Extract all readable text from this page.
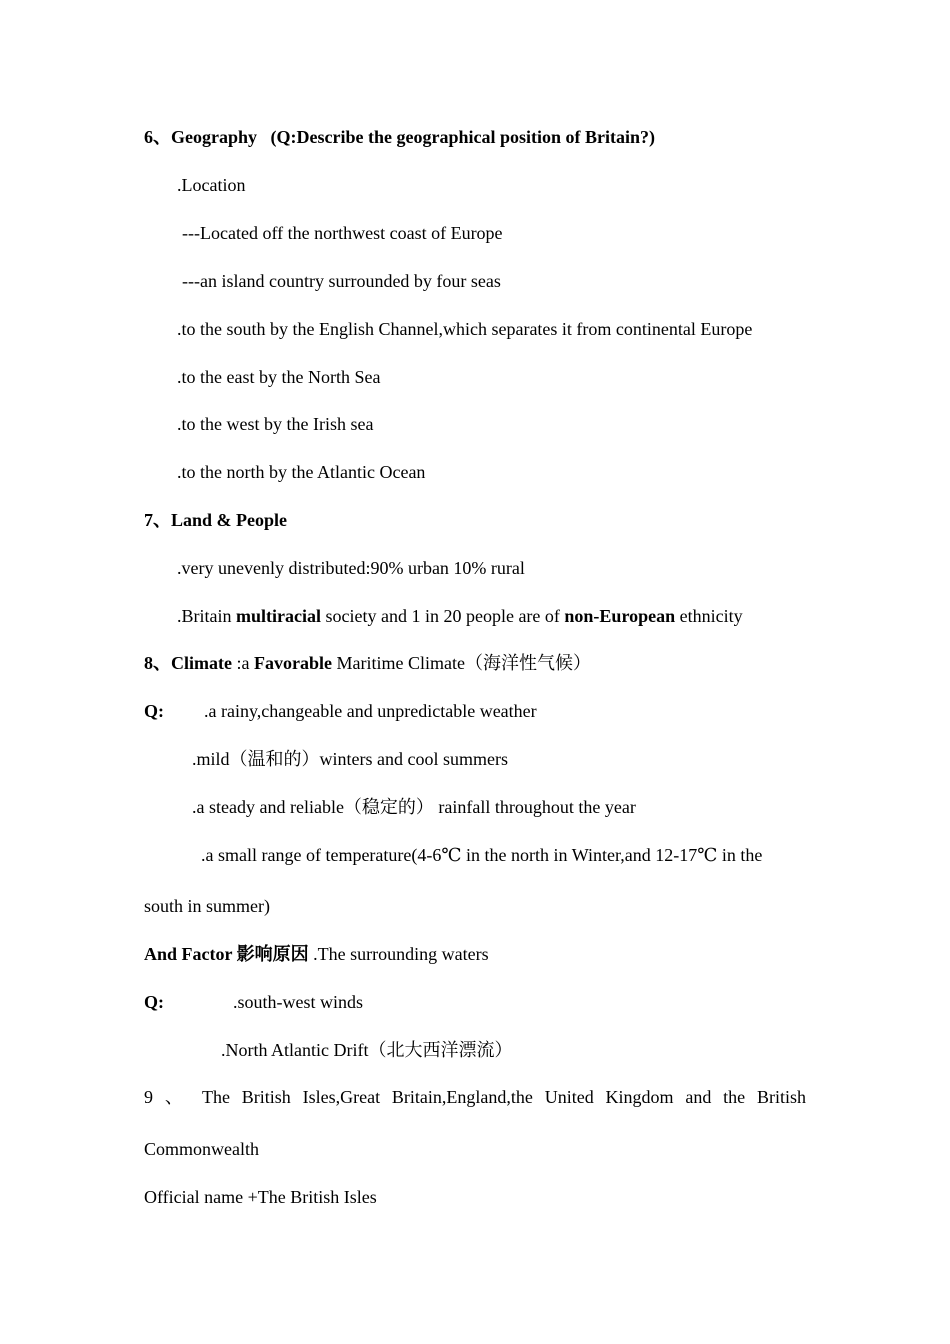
6、Geography (Q:Describe the geographical position of Britain?)
.Location
---Located off the northwest coast of Europe
---an island country surrounded by four seas
.to the south by the English Channel,which separates it from continental Europe
.to the east by the North Sea
.to the west by the Irish sea
.to the north by the Atlantic Ocean
7、Land & People
.very unevenly distributed:90% urban 10% rural
.Britain multiracial society and 1 in 20 people are of non-European ethnicity
8、Climate :a Favorable Maritime Climate（海洋性气候）
Q: .a rainy,changeable and unpredictable weather
.mild（温和的）winters and cool summers
.a steady and reliable（稳定的） rainfall throughout the year
.a small range of temperature(4-6℃ in the north in Winter,and 12-17℃ in the
south in summer)
And Factor 影响原因 .The surrounding waters
Q:	.south-west winds
.North Atlantic Drift（北大西洋漂流）
9 、 The British Isles,Great Britain,England,the United Kingdom and the British
Commonwealth
Official name +The British Isles
